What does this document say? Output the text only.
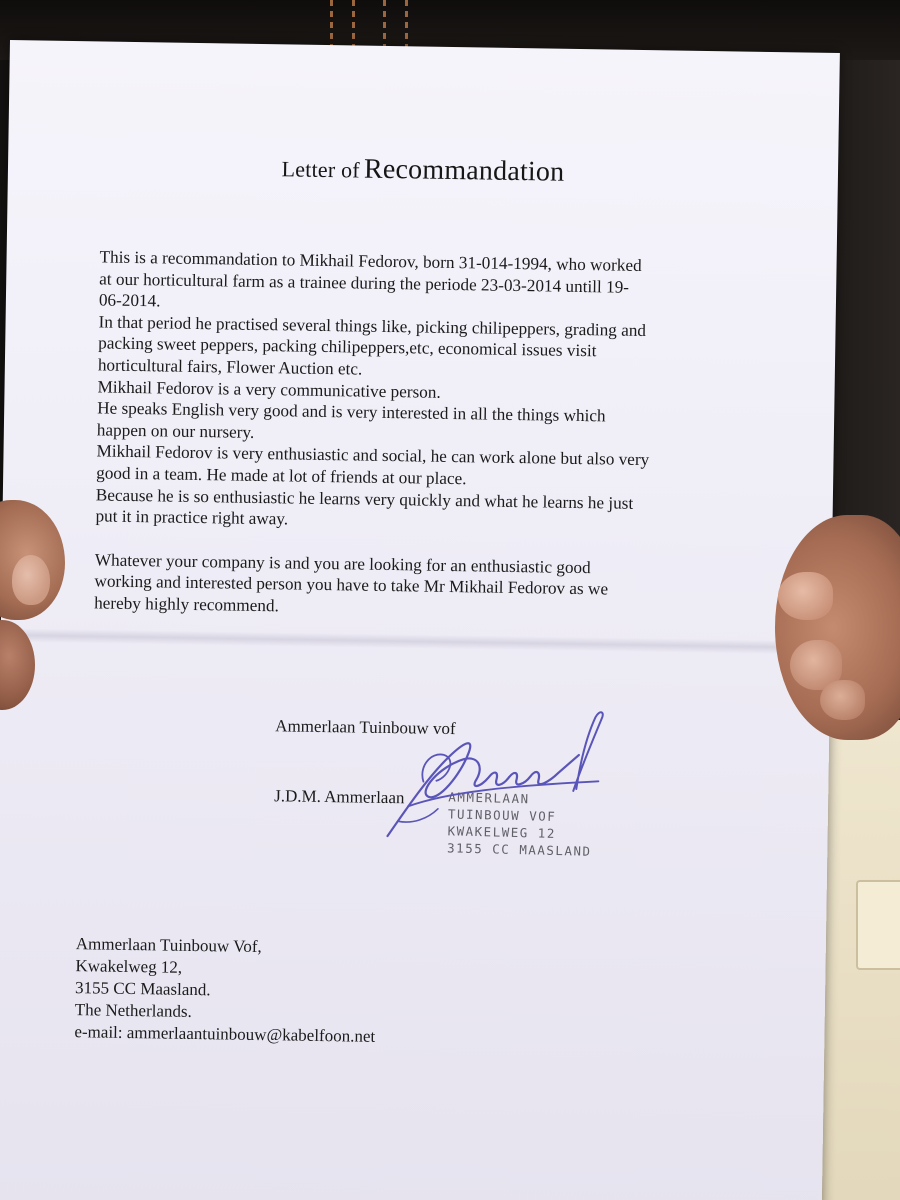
Letter of Recommandation

This is a recommandation to Mikhail Fedorov, born 31-014-1994, who worked

at our horticultural farm as a trainee during the periode 23-03-2014 untill 19-

06-2014.

In that period he practised several things like, picking chilipeppers, grading and

packing sweet peppers, packing chilipeppers,etc, economical issues visit

horticultural fairs, Flower Auction etc.

Mikhail Fedorov is a very communicative person.

He speaks English very good and is very interested in all the things which

happen on our nursery.

Mikhail Fedorov is very enthusiastic and social, he can work alone but also very

good in a team. He made at lot of friends at our place.

Because he is so enthusiastic he learns very quickly and what he learns he just

put it in practice right away.

Whatever your company is and you are looking for an enthusiastic good

working and interested person you have to take Mr Mikhail Fedorov as we

hereby highly recommend.

Ammerlaan Tuinbouw vof
J.D.M. Ammerlaan	AMMERLAAN
TUINBOUW VOF
KWAKELWEG 12
3155 CC MAASLAND
Ammerlaan Tuinbouw Vof,
Kwakelweg 12,
3155 CC Maasland.
The Netherlands.
e-mail: ammerlaantuinbouw@kabelfoon.net
